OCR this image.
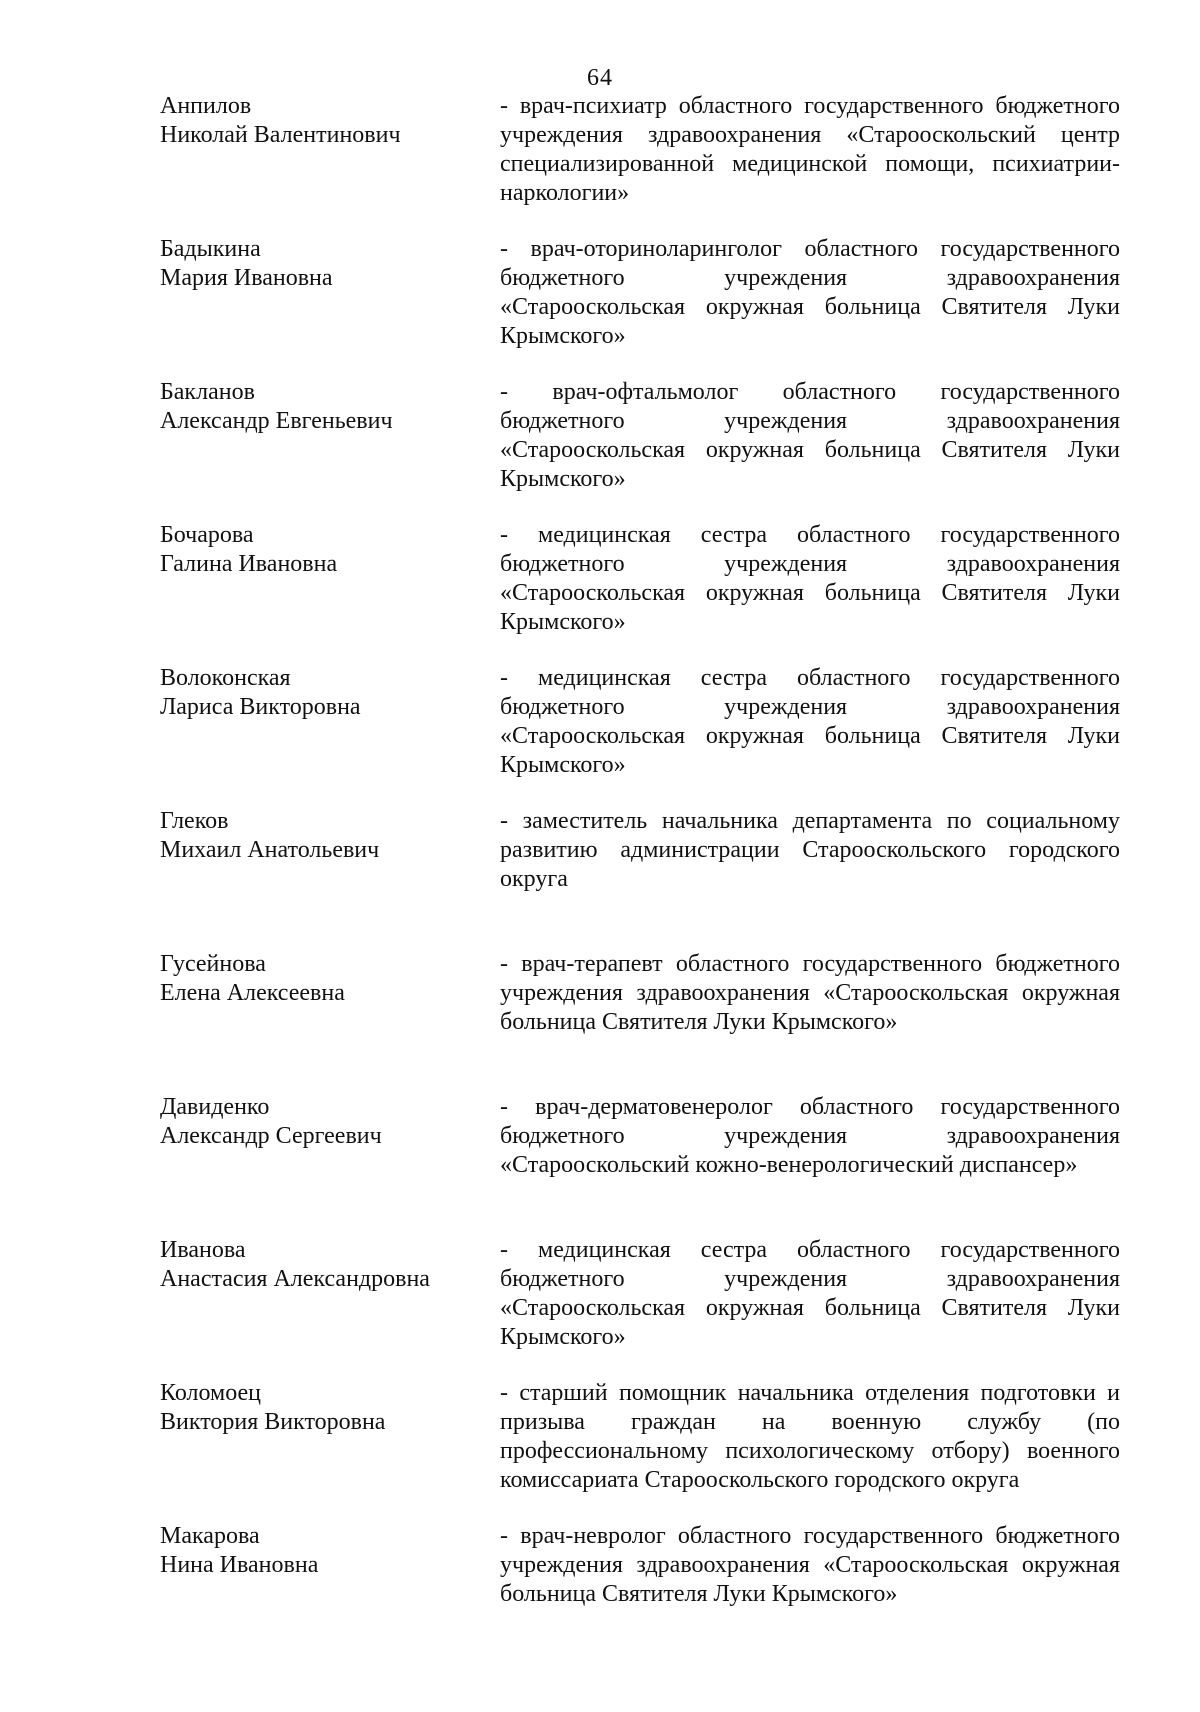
64
Анпилов
Николай Валентинович
- врач-психиатр областного государственного бюджетного учреждения здравоохранения «Старооскольский центр специализированной медицинской помощи, психиатрии-наркологии»
Бадыкина
Мария Ивановна
- врач-оториноларинголог областного государственного бюджетного учреждения здравоохранения «Старооскольская окружная больница Святителя Луки Крымского»
Бакланов
Александр Евгеньевич
- врач-офтальмолог областного государственного бюджетного учреждения здравоохранения «Старооскольская окружная больница Святителя Луки Крымского»
Бочарова
Галина Ивановна
- медицинская сестра областного государственного бюджетного учреждения здравоохранения «Старооскольская окружная больница Святителя Луки Крымского»
Волоконская
Лариса Викторовна
- медицинская сестра областного государственного бюджетного учреждения здравоохранения «Старооскольская окружная больница Святителя Луки Крымского»
Глеков
Михаил Анатольевич
- заместитель начальника департамента по социальному развитию администрации Старооскольского городского округа
Гусейнова
Елена Алексеевна
- врач-терапевт областного государственного бюджетного учреждения здравоохранения «Старооскольская окружная больница Святителя Луки Крымского»
Давиденко
Александр Сергеевич
- врач-дерматовенеролог областного государственного бюджетного учреждения здравоохранения «Старооскольский кожно-венерологический диспансер»
Иванова
Анастасия Александровна
- медицинская сестра областного государственного бюджетного учреждения здравоохранения «Старооскольская окружная больница Святителя Луки Крымского»
Коломоец
Виктория Викторовна
- старший помощник начальника отделения подготовки и призыва граждан на военную службу (по профессиональному психологическому отбору) военного комиссариата Старооскольского городского округа
Макарова
Нина Ивановна
- врач-невролог областного государственного бюджетного учреждения здравоохранения «Старооскольская окружная больница Святителя Луки Крымского»
